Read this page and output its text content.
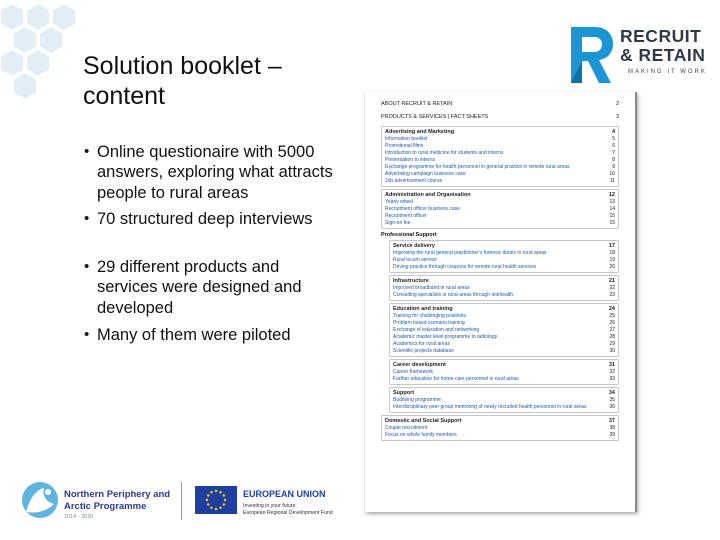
Solution booklet – content
• Online questionaire with 5000 answers, exploring what attracts people to rural areas
• 70 structured deep interviews
• 29 different products and services were designed and developed
• Many of them were piloted
RECRUIT
& RETAIN
MAKING IT WORK
ABOUT RECRUIT & RETAIN	2
PRODUCTS & SERVICES | FACT SHEETS	3
Advertising and Marketing	4
Information booklet	5
Promotional films	6
Introduction to rural medicine for students and interns	7
Presentation to interns	8
Exchange programme for health personnel in general practice in remote rural areas	9
Advertising campaign business case	10
Job advertisement course	11
Administration and Organisation	12
Yearly wheel	13
Recruitment officer business case	14
Recruitment officer	15
Sign-on fee	15
Professional Support
Service delivery	17
Improving the rural general practitioner's forensic duties in rural areas	18
Rural locum service	19
Driving practice through coupons for remote rural health services	20
Infrastructure	21
Improved broadband in rural areas	22
Consulting specialists in rural areas through telehealth	23
Education and training	24
Training for challenging positions	25
Problem based scenario training	26
Exchange of education and networking	27
Academic master level programme in radiology	28
Academics for rural areas	29
Scientific projects database	30
Career development	31
Career framework	32
Further education for home-care personnel in rural areas	33
Support	34
Buddying programme	35
Interdisciplinary peer group mentoring of newly recruited health personnel in rural areas	36
Domestic and Social Support	37
Couple recruitment	38
Focus on whole family members	39
Northern Periphery and
Arctic Programme
2014 - 2020
EUROPEAN UNION
Investing in your future
European Regional Development Fund
